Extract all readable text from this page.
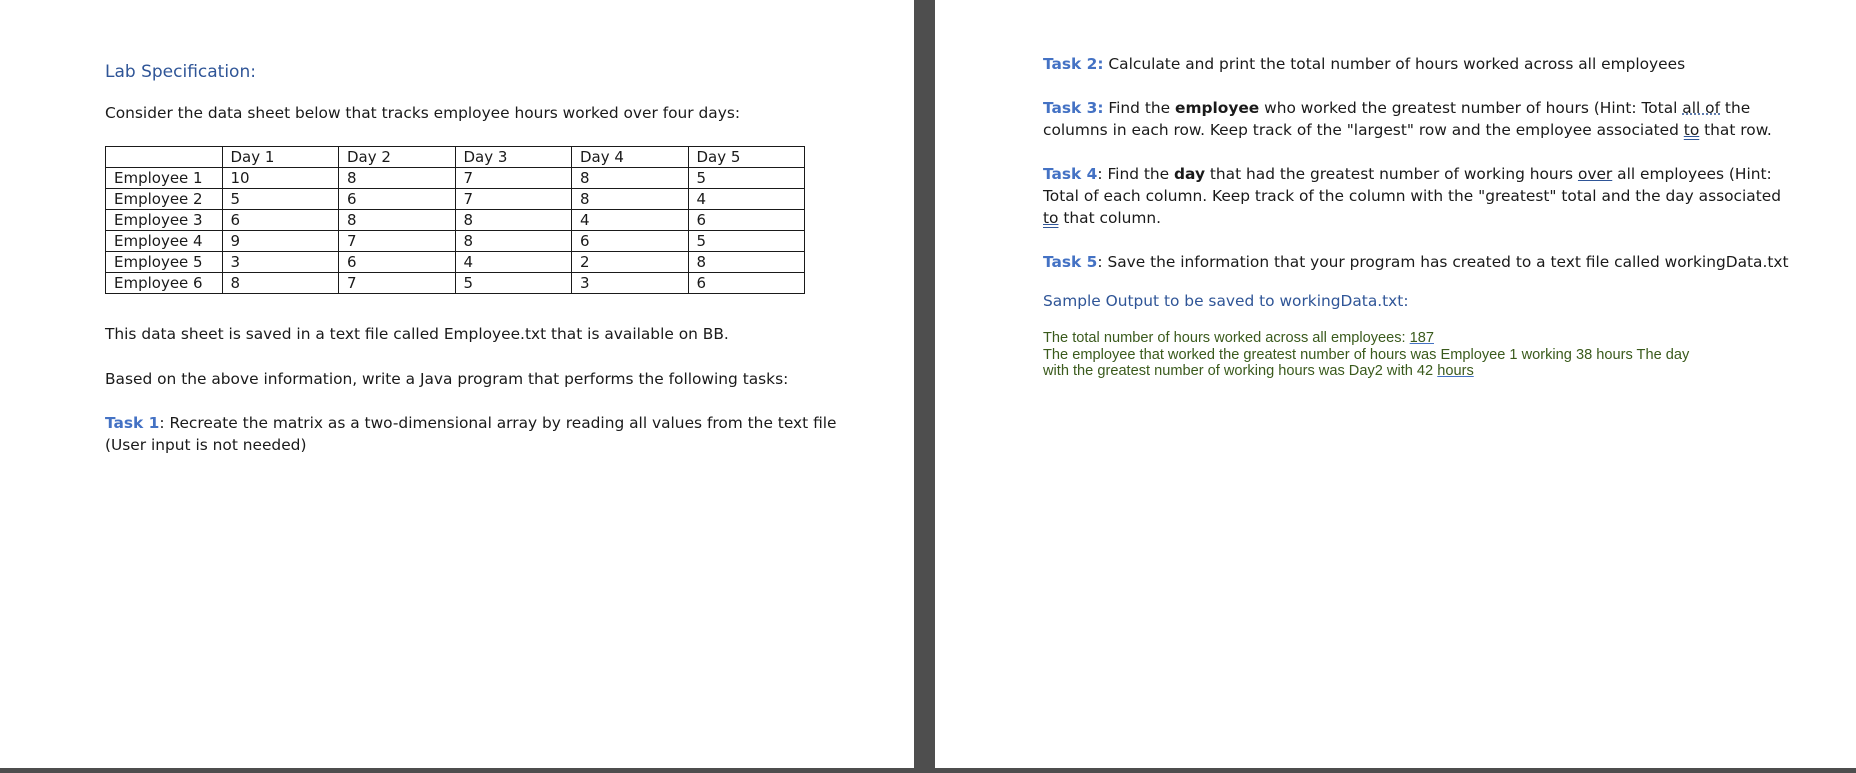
Lab Specification:
Consider the data sheet below that tracks employee hours worked over four days:
	Day 1	Day 2	Day 3	Day 4	Day 5
Employee 1	10	8	7	8	5
Employee 2	5	6	7	8	4
Employee 3	6	8	8	4	6
Employee 4	9	7	8	6	5
Employee 5	3	6	4	2	8
Employee 6	8	7	5	3	6
This data sheet is saved in a text file called Employee.txt that is available on BB.
Based on the above information, write a Java program that performs the following tasks:
Task 1: Recreate the matrix as a two-dimensional array by reading all values from the text file
(User input is not needed)
Task 2: Calculate and print the total number of hours worked across all employees
Task 3: Find the employee who worked the greatest number of hours (Hint: Total all of the
columns in each row. Keep track of the "largest" row and the employee associated to that row.
Task 4: Find the day that had the greatest number of working hours over all employees (Hint:
Total of each column. Keep track of the column with the "greatest" total and the day associated
to that column.
Task 5: Save the information that your program has created to a text file called workingData.txt
Sample Output to be saved to workingData.txt:
The total number of hours worked across all employees: 187
The employee that worked the greatest number of hours was Employee 1 working 38 hours The day
with the greatest number of working hours was Day2 with 42 hours
